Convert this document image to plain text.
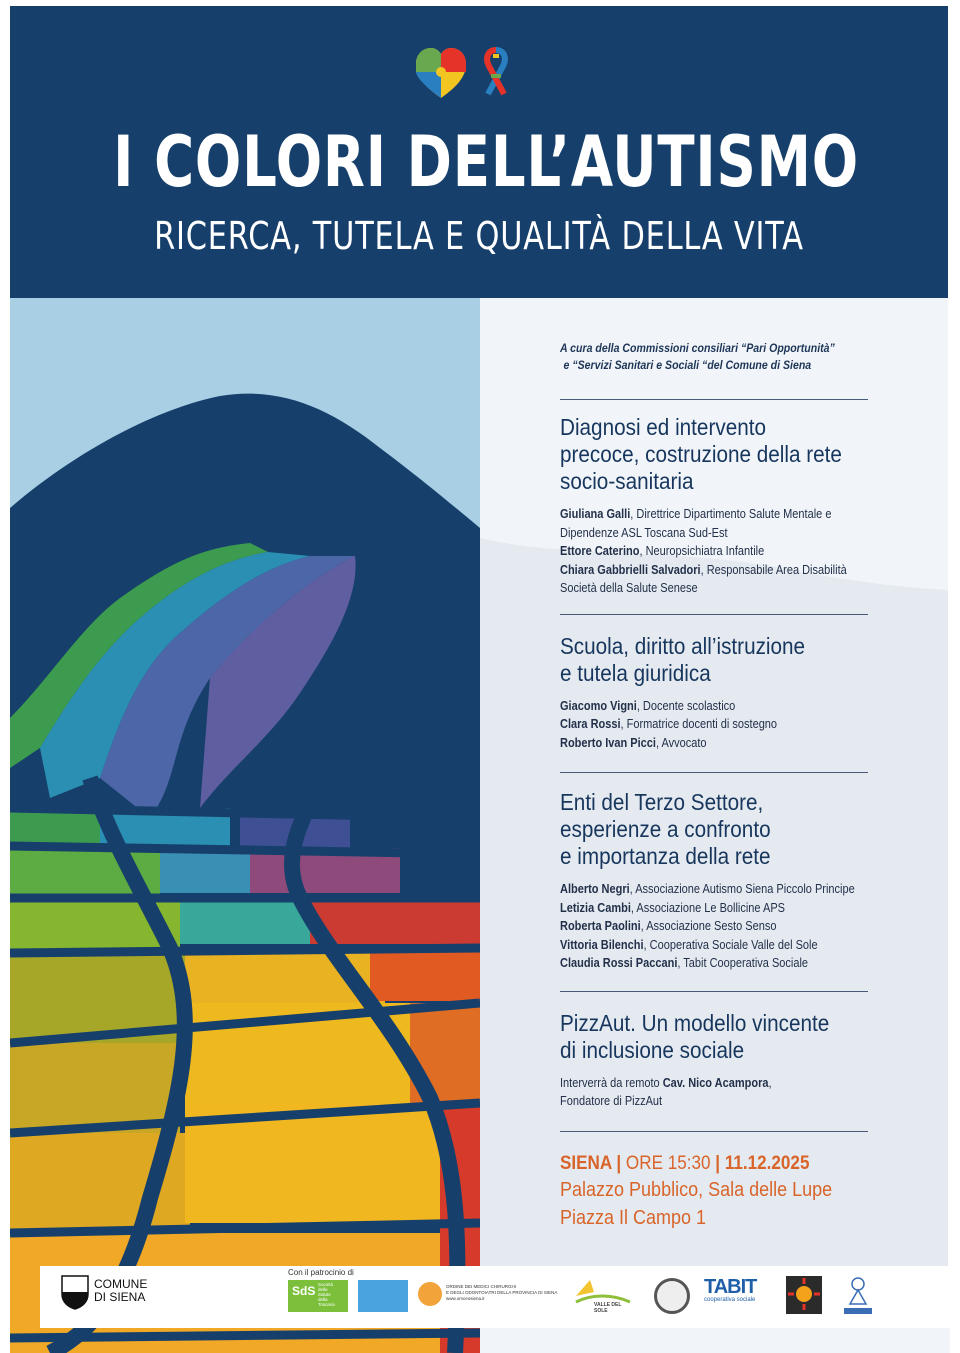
I COLORI DELL’AUTISMO
RICERCA, TUTELA E QUALITÀ DELLA VITA
A cura della Commissioni consiliari “Pari Opportunità”
e “Servizi Sanitari e Sociali “del Comune di Siena
Diagnosi ed intervento
precoce, costruzione della rete
socio-sanitaria
Giuliana Galli, Direttrice Dipartimento Salute Mentale e
Dipendenze ASL Toscana Sud-Est
Ettore Caterino, Neuropsichiatra Infantile
Chiara Gabbrielli Salvadori, Responsabile Area Disabilità
Società della Salute Senese
Scuola, diritto all’istruzione
e tutela giuridica
Giacomo Vigni, Docente scolastico
Clara Rossi, Formatrice docenti di sostegno
Roberto Ivan Picci, Avvocato
Enti del Terzo Settore,
esperienze a confronto
e importanza della rete
Alberto Negri, Associazione Autismo Siena Piccolo Principe
Letizia Cambi, Associazione Le Bollicine APS
Roberta Paolini, Associazione Sesto Senso
Vittoria Bilenchi, Cooperativa Sociale Valle del Sole
Claudia Rossi Paccani, Tabit Cooperativa Sociale
PizzAut. Un modello vincente
di inclusione sociale
Interverrà da remoto Cav. Nico Acampora,
Fondatore di PizzAut
SIENA | ORE 15:30 | 11.12.2025
Palazzo Pubblico, Sala delle Lupe
Piazza Il Campo 1
COMUNE
DI SIENA
Con il patrocinio di
SdS Società
della
Salute
della
Toscana
ORDINE DEI MEDICI CHIRURGHI
E DEGLI ODONTOIATRI DELLA PROVINCIA DI SIENA
www.omceosiena.it
VALLE DEL SOLE
TABIT
cooperativa sociale
